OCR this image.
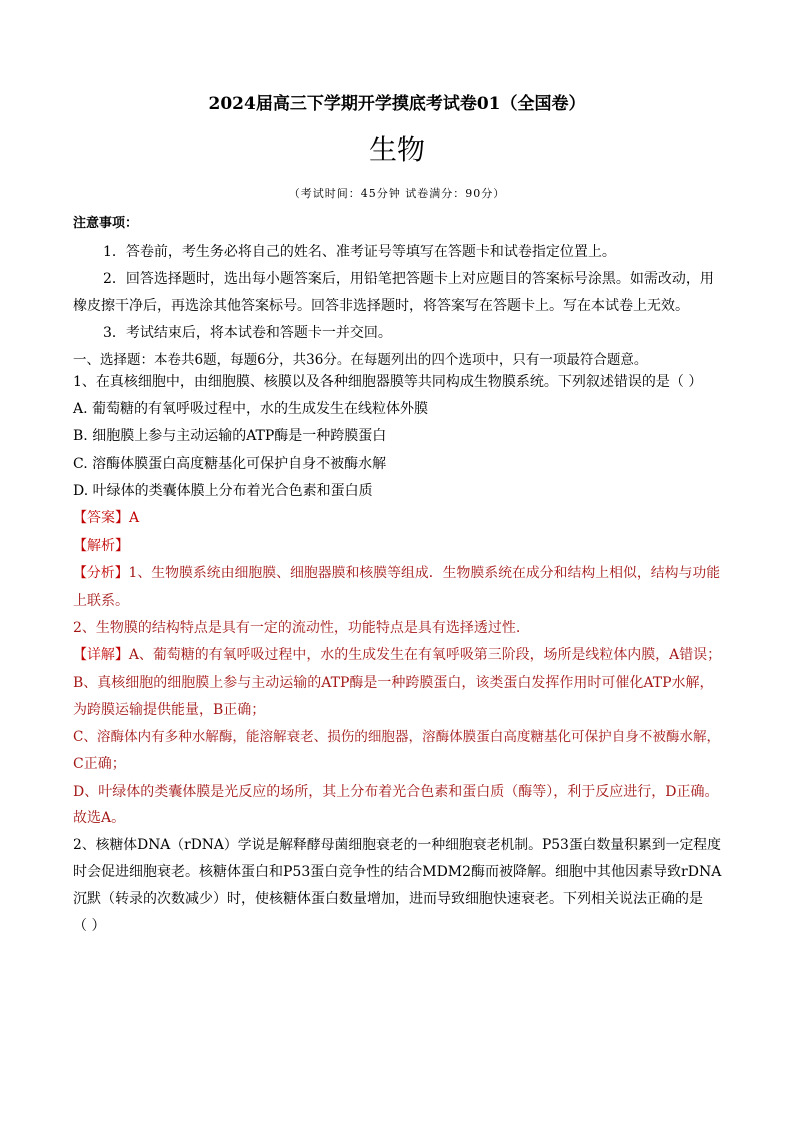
2024届高三下学期开学摸底考试卷01（全国卷）
生物
（考试时间：45分钟 试卷满分：90分）
注意事项：
1．答卷前，考生务必将自己的姓名、准考证号等填写在答题卡和试卷指定位置上。
2．回答选择题时，选出每小题答案后，用铅笔把答题卡上对应题目的答案标号涂黑。如需改动，用
橡皮擦干净后，再选涂其他答案标号。回答非选择题时，将答案写在答题卡上。写在本试卷上无效。
3．考试结束后，将本试卷和答题卡一并交回。
一、选择题：本卷共6题，每题6分，共36分。在每题列出的四个选项中，只有一项最符合题意。
1、在真核细胞中，由细胞膜、核膜以及各种细胞器膜等共同构成生物膜系统。下列叙述错误的是（ ）
A. 葡萄糖的有氧呼吸过程中，水的生成发生在线粒体外膜
B. 细胞膜上参与主动运输的ATP酶是一种跨膜蛋白
C. 溶酶体膜蛋白高度糖基化可保护自身不被酶水解
D. 叶绿体的类囊体膜上分布着光合色素和蛋白质
【答案】A
【解析】
【分析】1、生物膜系统由细胞膜、细胞器膜和核膜等组成．生物膜系统在成分和结构上相似，结构与功能
上联系。
2、生物膜的结构特点是具有一定的流动性，功能特点是具有选择透过性.
【详解】A、葡萄糖的有氧呼吸过程中，水的生成发生在有氧呼吸第三阶段，场所是线粒体内膜，A错误；
B、真核细胞的细胞膜上参与主动运输的ATP酶是一种跨膜蛋白，该类蛋白发挥作用时可催化ATP水解，
为跨膜运输提供能量，B正确；
C、溶酶体内有多种水解酶，能溶解衰老、损伤的细胞器，溶酶体膜蛋白高度糖基化可保护自身不被酶水解，
C正确；
D、叶绿体的类囊体膜是光反应的场所，其上分布着光合色素和蛋白质（酶等），利于反应进行，D正确。
故选A。
2、核糖体DNA（rDNA）学说是解释酵母菌细胞衰老的一种细胞衰老机制。P53蛋白数量积累到一定程度
时会促进细胞衰老。核糖体蛋白和P53蛋白竞争性的结合MDM2酶而被降解。细胞中其他因素导致rDNA
沉默（转录的次数减少）时，使核糖体蛋白数量增加，进而导致细胞快速衰老。下列相关说法正确的是
（ ）
